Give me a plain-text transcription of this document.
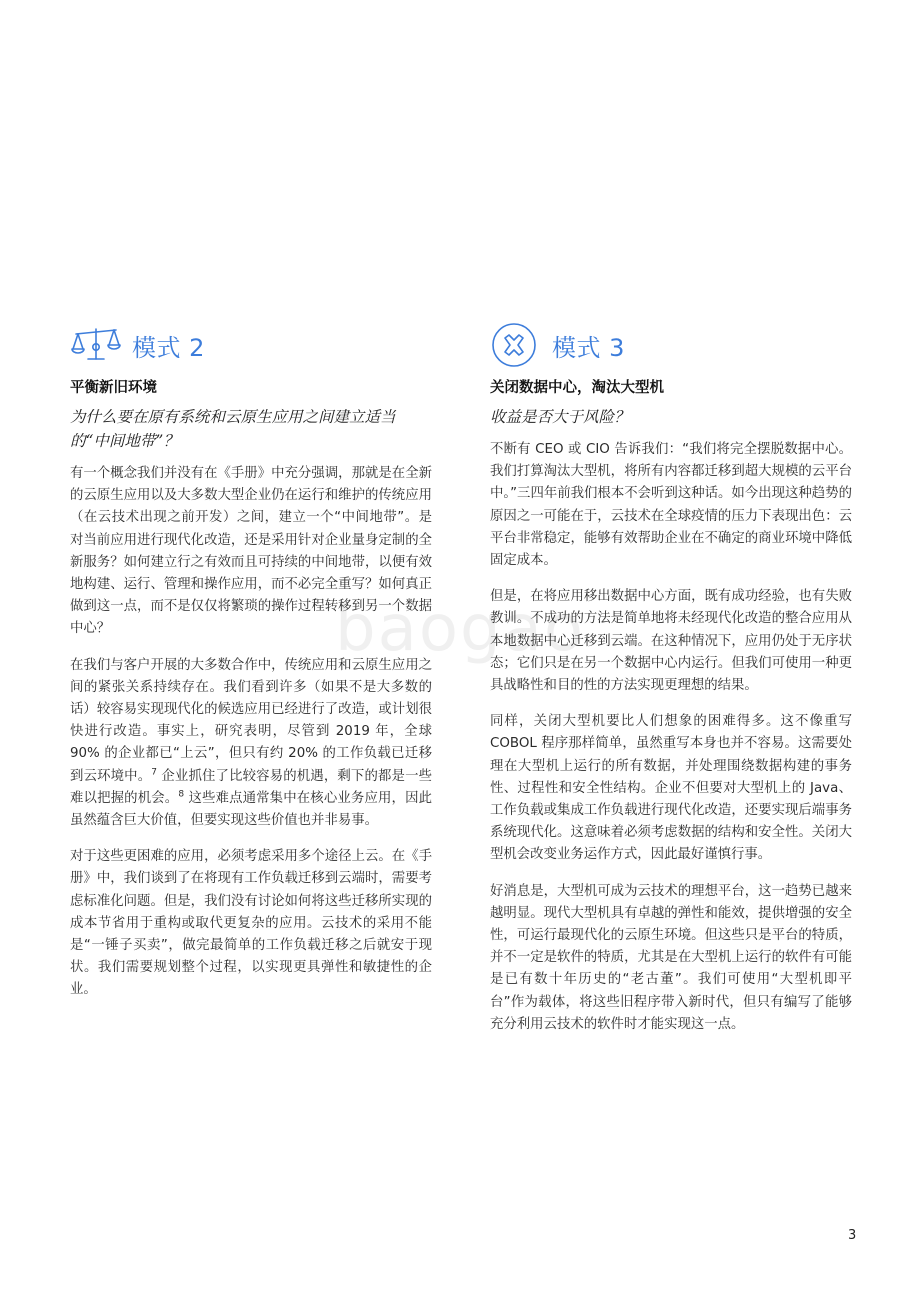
baogao
模式 2
平衡新旧环境
为什么要在原有系统和云原生应用之间建立适当的“中间地带”？

有一个概念我们并没有在《手册》中充分强调，那就是在全新的云原生应用以及大多数大型企业仍在运行和维护的传统应用（在云技术出现之前开发）之间，建立一个“中间地带”。是对当前应用进行现代化改造，还是采用针对企业量身定制的全新服务？如何建立行之有效而且可持续的中间地带，以便有效地构建、运行、管理和操作应用，而不必完全重写？如何真正做到这一点，而不是仅仅将繁琐的操作过程转移到另一个数据中心？

在我们与客户开展的大多数合作中，传统应用和云原生应用之间的紧张关系持续存在。我们看到许多（如果不是大多数的话）较容易实现现代化的候选应用已经进行了改造，或计划很快进行改造。事实上，研究表明，尽管到 2019 年，全球 90% 的企业都已“上云”，但只有约 20% 的工作负载已迁移到云环境中。$^7$ 企业抓住了比较容易的机遇，剩下的都是一些难以把握的机会。$^8$ 这些难点通常集中在核心业务应用，因此虽然蕴含巨大价值，但要实现这些价值也并非易事。

对于这些更困难的应用，必须考虑采用多个途径上云。在《手册》中，我们谈到了在将现有工作负载迁移到云端时，需要考虑标准化问题。但是，我们没有讨论如何将这些迁移所实现的成本节省用于重构或取代更复杂的应用。云技术的采用不能是“一锤子买卖”，做完最简单的工作负载迁移之后就安于现状。我们需要规划整个过程，以实现更具弹性和敏捷性的企业。

模式 3
关闭数据中心，淘汰大型机
收益是否大于风险？

不断有 CEO 或 CIO 告诉我们：“我们将完全摆脱数据中心。我们打算淘汰大型机，将所有内容都迁移到超大规模的云平台中。”三四年前我们根本不会听到这种话。如今出现这种趋势的原因之一可能在于，云技术在全球疫情的压力下表现出色：云平台非常稳定，能够有效帮助企业在不确定的商业环境中降低固定成本。

但是，在将应用移出数据中心方面，既有成功经验，也有失败教训。不成功的方法是简单地将未经现代化改造的整合应用从本地数据中心迁移到云端。在这种情况下，应用仍处于无序状态；它们只是在另一个数据中心内运行。但我们可使用一种更具战略性和目的性的方法实现更理想的结果。

同样，关闭大型机要比人们想象的困难得多。这不像重写 COBOL 程序那样简单，虽然重写本身也并不容易。这需要处理在大型机上运行的所有数据，并处理围绕数据构建的事务性、过程性和安全性结构。企业不但要对大型机上的 Java、工作负载或集成工作负载进行现代化改造，还要实现后端事务系统现代化。这意味着必须考虑数据的结构和安全性。关闭大型机会改变业务运作方式，因此最好谨慎行事。

好消息是，大型机可成为云技术的理想平台，这一趋势已越来越明显。现代大型机具有卓越的弹性和能效，提供增强的安全性，可运行最现代化的云原生环境。但这些只是平台的特质，并不一定是软件的特质，尤其是在大型机上运行的软件有可能是已有数十年历史的“老古董”。我们可使用“大型机即平台”作为载体，将这些旧程序带入新时代，但只有编写了能够充分利用云技术的软件时才能实现这一点。

3
